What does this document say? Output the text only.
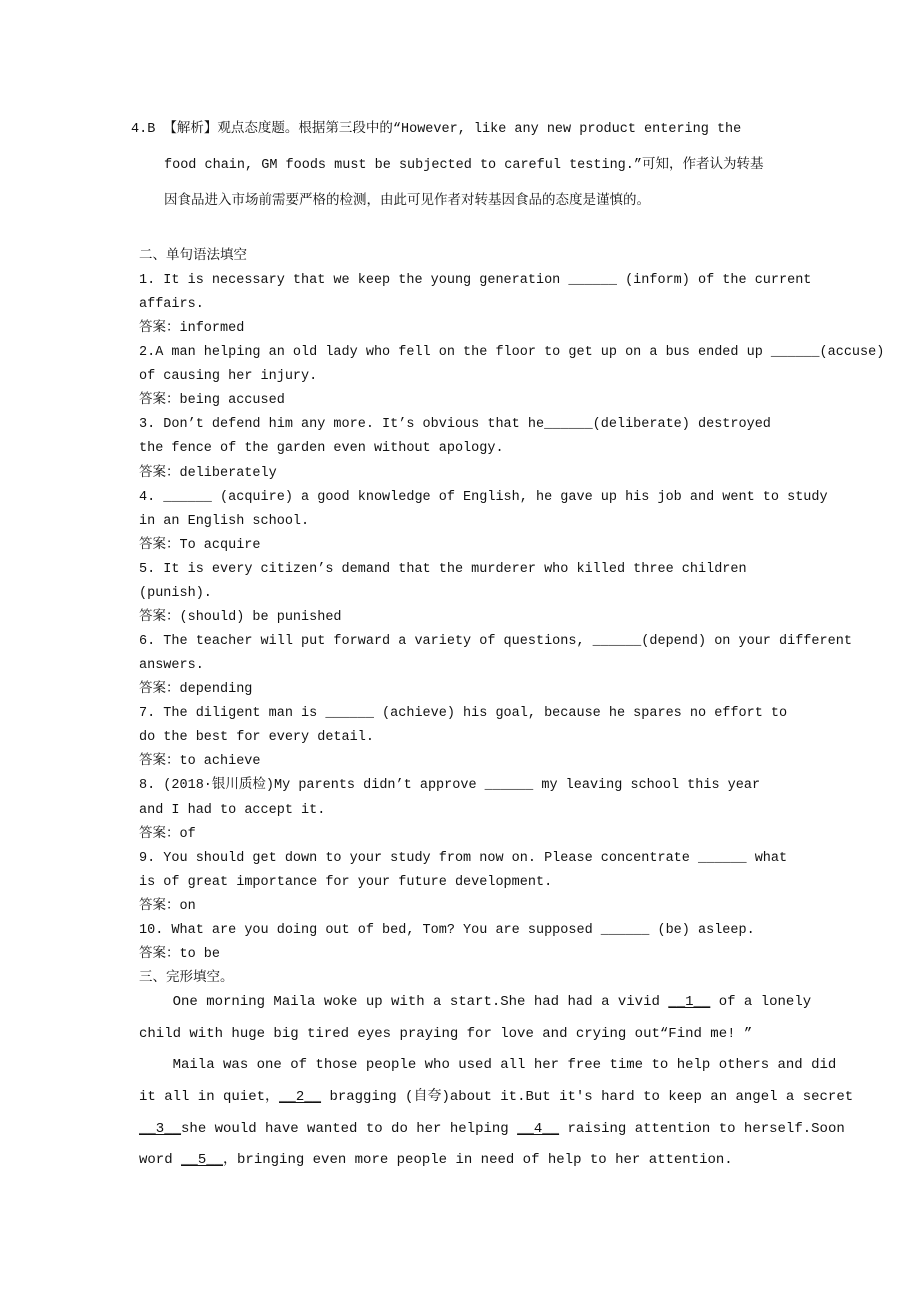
4.B 【解析】观点态度题。根据第三段中的“However, like any new product entering the
food chain, GM foods must be subjected to careful testing.”可知，作者认为转基
因食品进入市场前需要严格的检测，由此可见作者对转基因食品的态度是谨慎的。
二、单句语法填空
1. It is necessary that we keep the young generation ______ (inform) of the current
affairs.
答案：informed
2.A man helping an old lady who fell on the floor to get up on a bus ended up ______(accuse)
of causing her injury.
答案：being accused
3. Don’t defend him any more. It’s obvious that he______(deliberate) destroyed
the fence of the garden even without apology.
答案：deliberately
4. ______ (acquire) a good knowledge of English, he gave up his job and went to study
in an English school.
答案：To acquire
5. It is every citizen’s demand that the murderer who killed three children
(punish).
答案：(should) be punished
6. The teacher will put forward a variety of questions, ______(depend) on your different
answers.
答案：depending
7. The diligent man is ______ (achieve) his goal, because he spares no effort to
do the best for every detail.
答案：to achieve
8. (2018·银川质检)My parents didn’t approve ______ my leaving school this year
and I had to accept it.
答案：of
9. You should get down to your study from now on. Please concentrate ______ what
is of great importance for your future development.
答案：on
10. What are you doing out of bed, Tom? You are supposed ______ (be) asleep.
答案：to be
三、完形填空。
One morning Maila woke up with a start.She had had a vivid __1__ of a lonely
child with huge big tired eyes praying for love and crying out“Find me! ”
Maila was one of those people who used all her free time to help others and did
it all in quiet，__2__ bragging (自夸)about it.But it's hard to keep an angel a secret
__3__she would have wanted to do her helping __4__ raising attention to herself.Soon
word __5__，bringing even more people in need of help to her attention.
